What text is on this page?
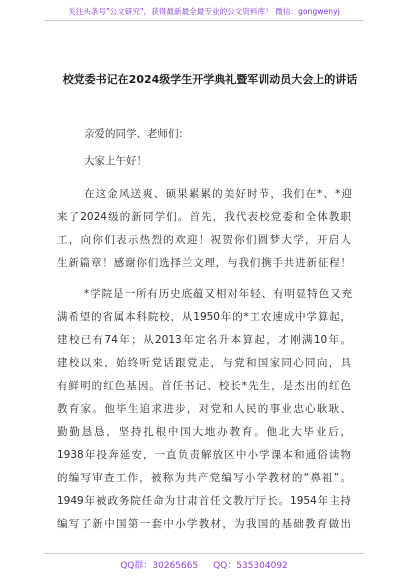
关注头条号"公文研究"，获得最新最全最专业的公文资料库！ 微信：gongwenyj
校党委书记在2024级学生开学典礼暨军训动员大会上的讲话
亲爱的同学、老师们：
大家上午好！
在这金风送爽、硕果累累的美好时节，我们在*、*迎
来了2024级的新同学们。首先，我代表校党委和全体教职
工，向你们表示热烈的欢迎！祝贺你们圆梦大学，开启人
生新篇章！感谢你们选择兰文理，与我们携手共进新征程！
*学院是一所有历史底蕴又相对年轻、有明显特色又充
满希望的省属本科院校，从1950年的*工农速成中学算起，
建校已有74年；从2013年定名升本算起，才刚满10年。
建校以来，始终听党话跟党走，与党和国家同心同向，具
有鲜明的红色基因。首任书记、校长*先生，是杰出的红色
教育家。他毕生追求进步，对党和人民的事业忠心耿耿、
勤勤恳恳，坚持扎根中国大地办教育。他北大毕业后，
1938年投奔延安，一直负责解放区中小学课本和通俗读物
的编写审查工作，被称为共产党编写小学教材的“鼻祖”。
1949年被政务院任命为甘肃首任文教厅厅长。1954年主持
编写了新中国第一套中小学教材，为我国的基础教育做出
QQ群：30265665 QQ：535304092
